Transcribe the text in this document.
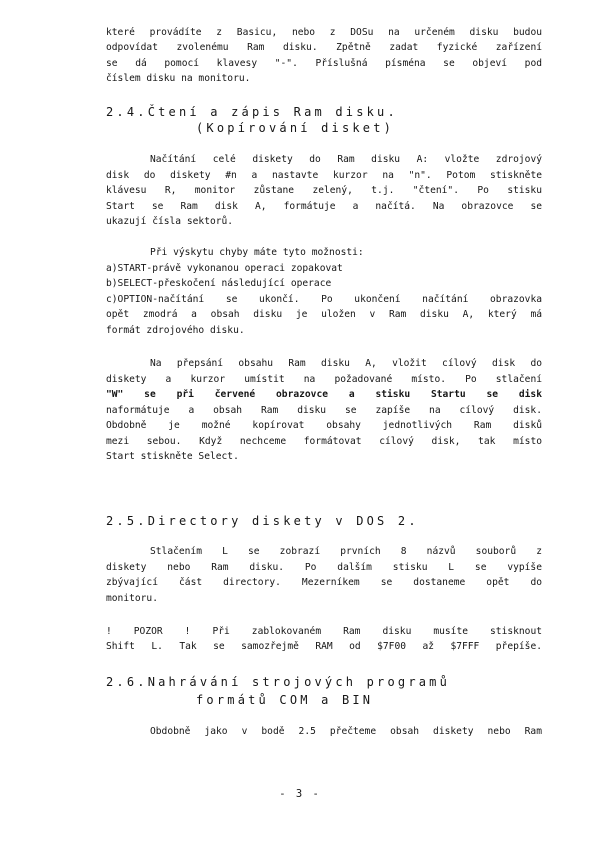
které provádíte z Basicu, nebo z DOSu na určeném disku budou
odpovídat zvolenému Ram disku. Zpětně zadat fyzické zařízení
se dá pomocí klavesy "-". Příslušná písména se objeví pod
číslem disku na monitoru.
2.4.Čtení a zápis Ram disku.
(Kopírování disket)
Načítání celé diskety do Ram disku A: vložte zdrojový
disk do diskety #n a nastavte kurzor na "n". Potom stiskněte
klávesu R, monitor zůstane zelený, t.j. "čtení". Po stisku
Start se Ram disk A, formátuje a načítá. Na obrazovce se
ukazují čísla sektorů.
Při výskytu chyby máte tyto možnosti:
a)START-právě vykonanou operaci zopakovat
b)SELECT-přeskočení následující operace
c)OPTION-načítání se ukončí. Po ukončení načítání obrazovka
opět zmodrá a obsah disku je uložen v Ram disku A, který má
formát zdrojového disku.
Na přepsání obsahu Ram disku A, vložit cílový disk do
diskety a kurzor umístit na požadované místo. Po stlačení
"W" se při červené obrazovce a stisku Startu se disk
naformátuje a obsah Ram disku se zapíše na cílový disk.
Obdobně je možné kopírovat obsahy jednotlivých Ram disků
mezi sebou. Když nechceme formátovat cílový disk, tak místo
Start stiskněte Select.
2.5.Directory diskety v DOS 2.
Stlačením L se zobrazí prvních 8 názvů souborů z
diskety nebo Ram disku. Po dalším stisku L se vypíše
zbývající část directory. Mezerníkem se dostaneme opět do
monitoru.
! POZOR ! Při zablokovaném Ram disku musíte stisknout
Shift L. Tak se samozřejmě RAM od $7F00 až $7FFF přepíše.
2.6.Nahrávání strojových programů
formátů COM a BIN
Obdobně jako v bodě 2.5 přečteme obsah diskety nebo Ram
- 3 -
